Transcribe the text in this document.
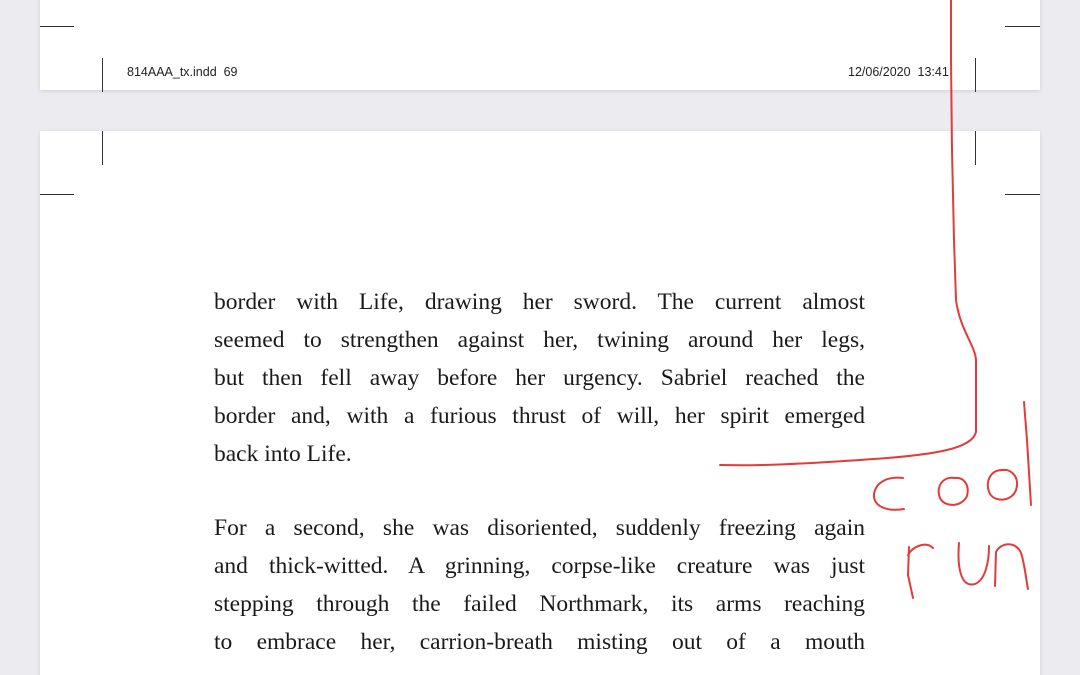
814AAA_tx.indd  69	12/06/2020  13:41

border with Life, drawing her sword. The current almost
seemed to strengthen against her, twining around her legs,
but then fell away before her urgency. Sabriel reached the
border and, with a furious thrust of will, her spirit emerged
back into Life.

For a second, she was disoriented, suddenly freezing again
and thick-witted. A grinning, corpse-like creature was just
stepping through the failed Northmark, its arms reaching
to embrace her, carrion-breath misting out of a mouth
